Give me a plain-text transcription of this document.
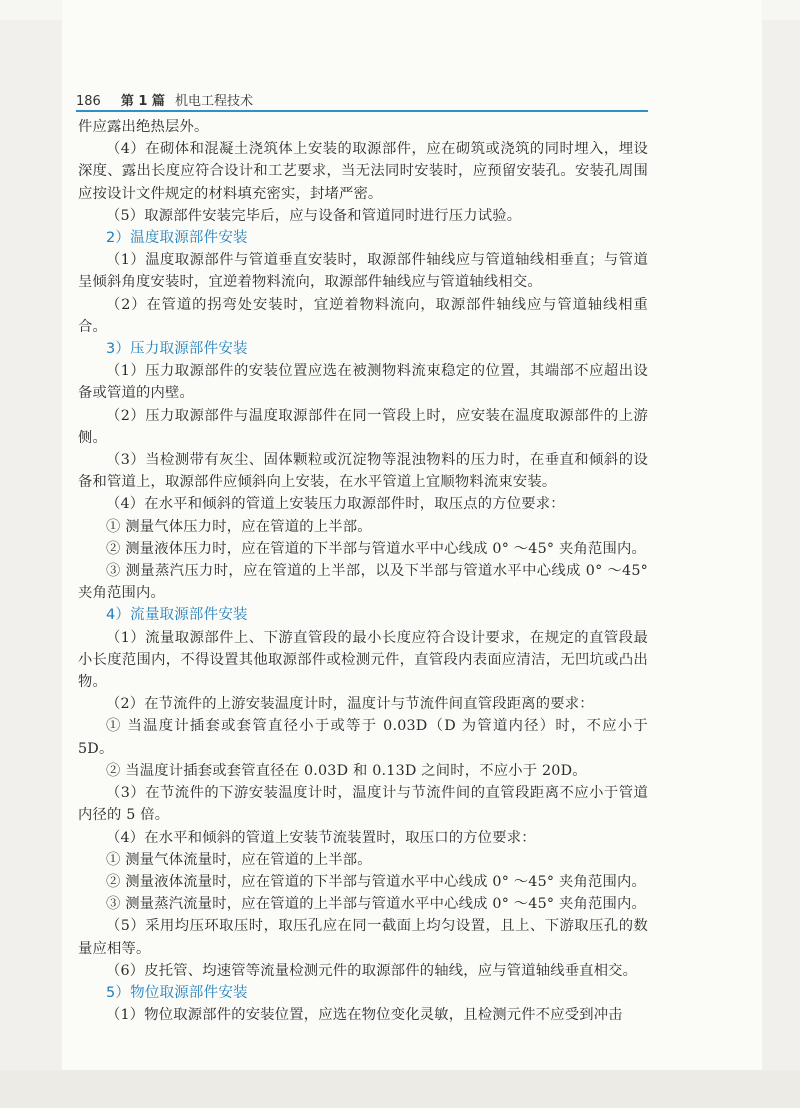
186 第 1 篇 机电工程技术

件应露出绝热层外。

（4）在砌体和混凝土浇筑体上安装的取源部件，应在砌筑或浇筑的同时埋入，埋设深度、露出长度应符合设计和工艺要求，当无法同时安装时，应预留安装孔。安装孔周围应按设计文件规定的材料填充密实，封堵严密。

（5）取源部件安装完毕后，应与设备和管道同时进行压力试验。

2）温度取源部件安装

（1）温度取源部件与管道垂直安装时，取源部件轴线应与管道轴线相垂直；与管道呈倾斜角度安装时，宜逆着物料流向，取源部件轴线应与管道轴线相交。

（2）在管道的拐弯处安装时，宜逆着物料流向，取源部件轴线应与管道轴线相重合。

3）压力取源部件安装

（1）压力取源部件的安装位置应选在被测物料流束稳定的位置，其端部不应超出设备或管道的内壁。

（2）压力取源部件与温度取源部件在同一管段上时，应安装在温度取源部件的上游侧。

（3）当检测带有灰尘、固体颗粒或沉淀物等混浊物料的压力时，在垂直和倾斜的设备和管道上，取源部件应倾斜向上安装，在水平管道上宜顺物料流束安装。

（4）在水平和倾斜的管道上安装压力取源部件时，取压点的方位要求：

① 测量气体压力时，应在管道的上半部。

② 测量液体压力时，应在管道的下半部与管道水平中心线成 0° ～45° 夹角范围内。

③ 测量蒸汽压力时，应在管道的上半部，以及下半部与管道水平中心线成 0° ～45° 夹角范围内。

4）流量取源部件安装

（1）流量取源部件上、下游直管段的最小长度应符合设计要求，在规定的直管段最小长度范围内，不得设置其他取源部件或检测元件，直管段内表面应清洁，无凹坑或凸出物。

（2）在节流件的上游安装温度计时，温度计与节流件间直管段距离的要求：

① 当温度计插套或套管直径小于或等于 0.03D（D 为管道内径）时，不应小于 5D。

② 当温度计插套或套管直径在 0.03D 和 0.13D 之间时，不应小于 20D。

（3）在节流件的下游安装温度计时，温度计与节流件间的直管段距离不应小于管道内径的 5 倍。

（4）在水平和倾斜的管道上安装节流装置时，取压口的方位要求：

① 测量气体流量时，应在管道的上半部。

② 测量液体流量时，应在管道的下半部与管道水平中心线成 0° ～45° 夹角范围内。

③ 测量蒸汽流量时，应在管道的上半部与管道水平中心线成 0° ～45° 夹角范围内。

（5）采用均压环取压时，取压孔应在同一截面上均匀设置，且上、下游取压孔的数量应相等。

（6）皮托管、均速管等流量检测元件的取源部件的轴线，应与管道轴线垂直相交。

5）物位取源部件安装

（1）物位取源部件的安装位置，应选在物位变化灵敏，且检测元件不应受到冲击
